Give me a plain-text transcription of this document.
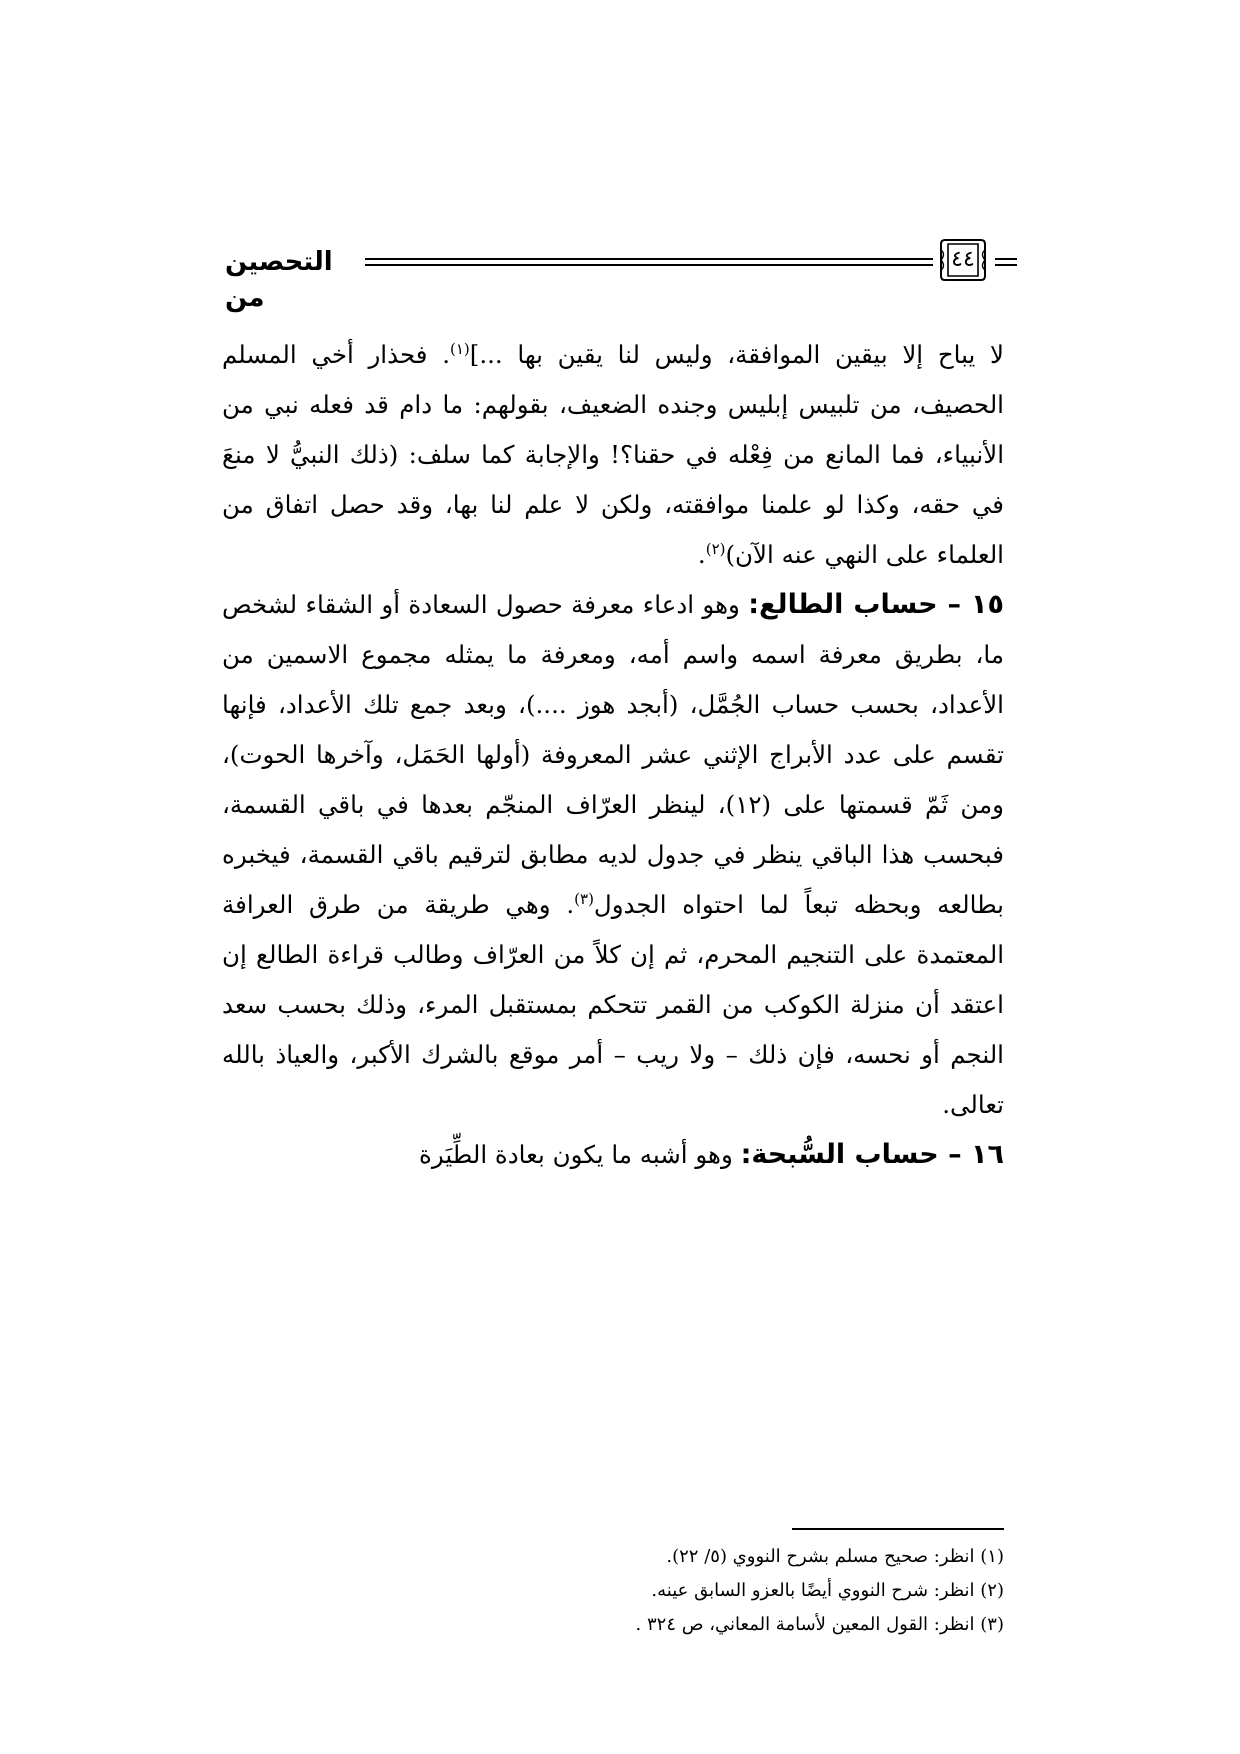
التحصين من
٤٤

لا يباح إلا بيقين الموافقة، وليس لنا يقين بها ...]$^{(١)}$. فحذار أخي المسلم الحصيف، من تلبيس إبليس وجنده الضعيف، بقولهم: ما دام قد فعله نبي من الأنبياء، فما المانع من فِعْله في حقنا؟! والإجابة كما سلف: (ذلك النبيُّ لا منعَ في حقه، وكذا لو علمنا موافقته، ولكن لا علم لنا بها، وقد حصل اتفاق من العلماء على النهي عنه الآن)$^{(٢)}$.

١٥ – حساب الطالع: وهو ادعاء معرفة حصول السعادة أو الشقاء لشخص ما، بطريق معرفة اسمه واسم أمه، ومعرفة ما يمثله مجموع الاسمين من الأعداد، بحسب حساب الجُمَّل، (أبجد هوز ....)، وبعد جمع تلك الأعداد، فإنها تقسم على عدد الأبراج الإثني عشر المعروفة (أولها الحَمَل، وآخرها الحوت)، ومن ثَمّ قسمتها على (١٢)، لينظر العرّاف المنجّم بعدها في باقي القسمة، فبحسب هذا الباقي ينظر في جدول لديه مطابق لترقيم باقي القسمة، فيخبره بطالعه وبحظه تبعاً لما احتواه الجدول$^{(٣)}$. وهي طريقة من طرق العرافة المعتمدة على التنجيم المحرم، ثم إن كلاً من العرّاف وطالب قراءة الطالع إن اعتقد أن منزلة الكوكب من القمر تتحكم بمستقبل المرء، وذلك بحسب سعد النجم أو نحسه، فإن ذلك – ولا ريب – أمر موقع بالشرك الأكبر، والعياذ بالله تعالى.

١٦ – حساب السُّبحة: وهو أشبه ما يكون بعادة الطِّيَرة

(١) انظر: صحيح مسلم بشرح النووي (٥/ ٢٢).

(٢) انظر: شرح النووي أيضًا بالعزو السابق عينه.

(٣) انظر: القول المعين لأسامة المعاني، ص ٣٢٤ .
